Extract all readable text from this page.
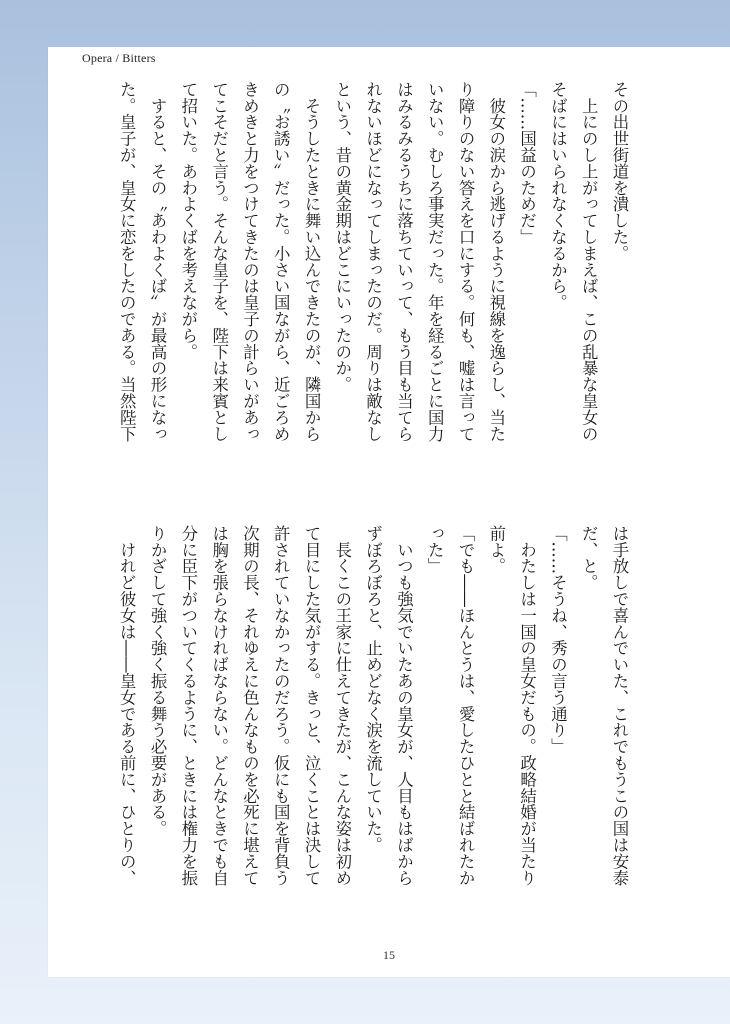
Opera / Bitters
その出世街道を潰した。
　上にのし上がってしまえば、この乱暴な皇女の
そばにはいられなくなるから。
「……国益のためだ」
　彼女の涙から逃げるように視線を逸らし、当た
り障りのない答えを口にする。何も、嘘は言って
いない。むしろ事実だった。年を経るごとに国力
はみるみるうちに落ちていって、もう目も当てら
れないほどになってしまったのだ。周りは敵なし
という、昔の黄金期はどこにいったのか。
　そうしたときに舞い込んできたのが、隣国から
の〝お誘い〟だった。小さい国ながら、近ごろめ
きめきと力をつけてきたのは皇子の計らいがあっ
てこそだと言う。そんな皇子を、陛下は来賓とし
て招いた。あわよくばを考えながら。
　すると、その〝あわよくば〟が最高の形になっ
た。皇子が、皇女に恋をしたのである。当然陛下
は手放しで喜んでいた、これでもうこの国は安泰
だ、と。
「……そうね、秀の言う通り」
　わたしは一国の皇女だもの。政略結婚が当たり
前よ。
「でも――ほんとうは、愛したひとと結ばれたか
った」
　いつも強気でいたあの皇女が、人目もはばから
ずぼろぼろと、止めどなく涙を流していた。
　長くこの王家に仕えてきたが、こんな姿は初め
て目にした気がする。きっと、泣くことは決して
許されていなかったのだろう。仮にも国を背負う
次期の長、それゆえに色んなものを必死に堪えて
は胸を張らなければならない。どんなときでも自
分に臣下がついてくるように、ときには権力を振
りかざして強く強く振る舞う必要がある。
　けれど彼女は――皇女である前に、ひとりの、
15
